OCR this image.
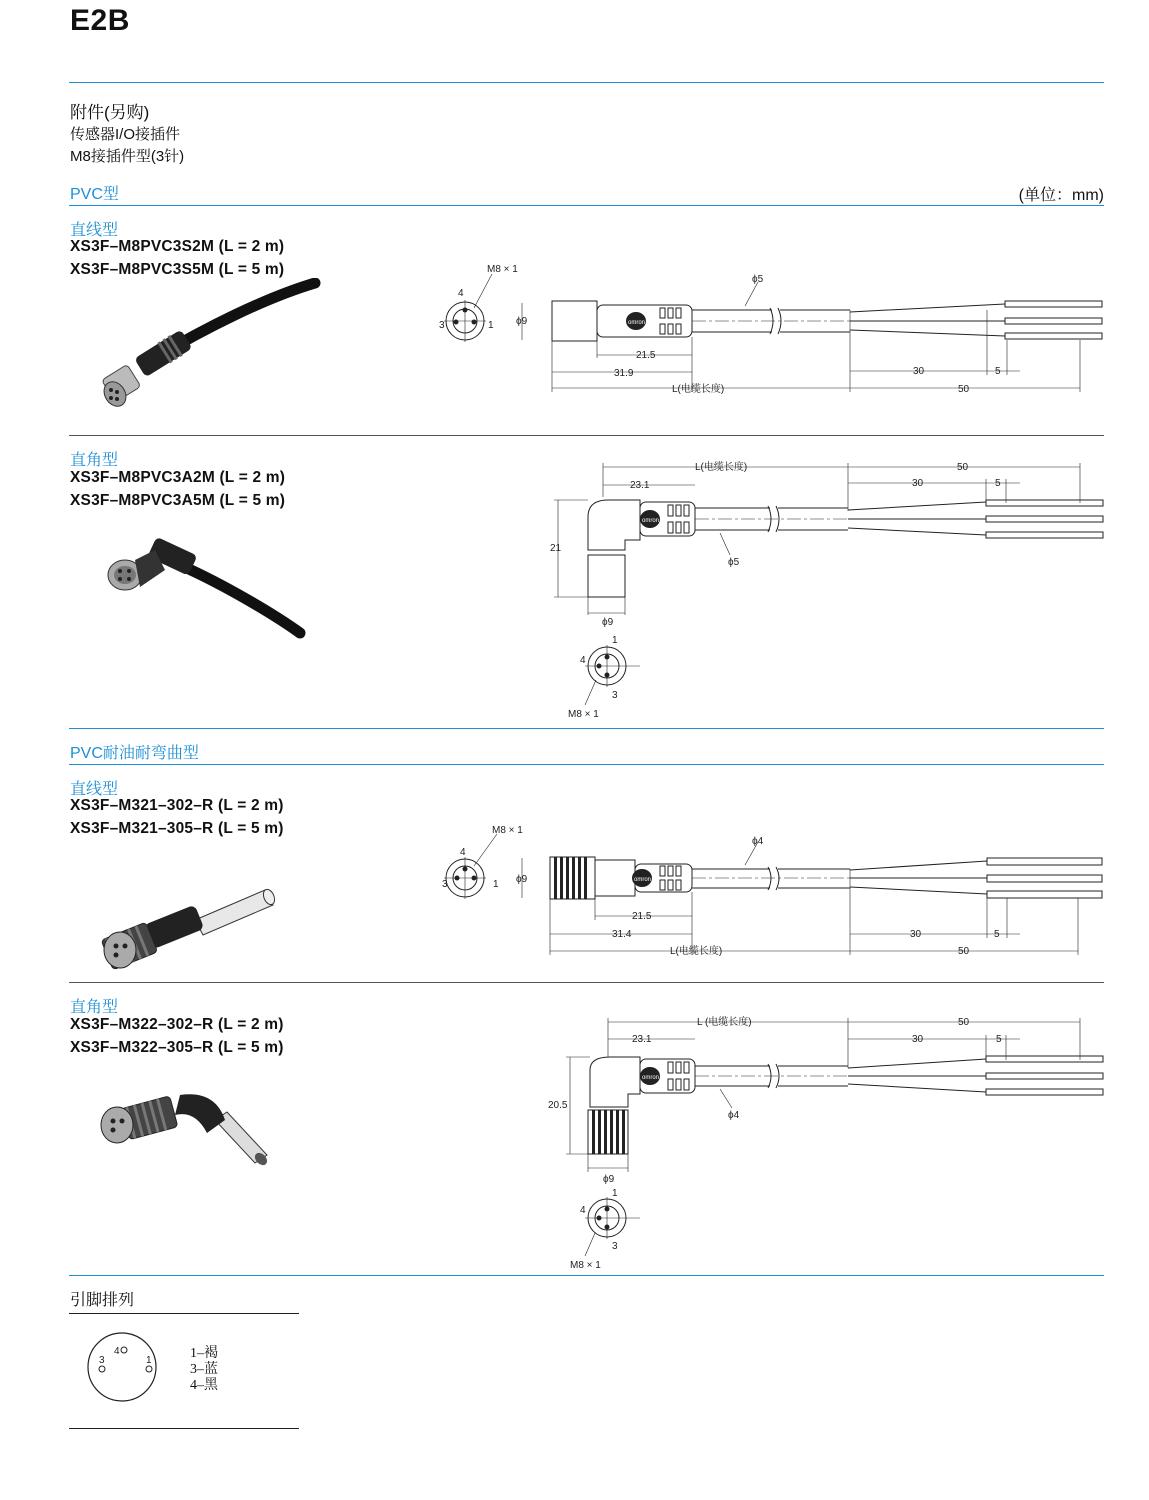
E2B
附件(另购)
传感器I/O接插件
M8接插件型(3针)
PVC型	(单位：mm)
直线型
XS3F–M8PVC3S2M (L = 2 m)
XS3F–M8PVC3S5M (L = 5 m)	M8 × 1
4
3	1 ϕ9	omron
ϕ5
21.5
31.9	30	5
L(电缆长度)	50
直角型
XS3F–M8PVC3A2M (L = 2 m)
XS3F–M8PVC3A5M (L = 5 m)
L(电缆长度)	50
23.1	30	5
omron
ϕ5
21
ϕ9
1
4
3
M8 × 1
PVC耐油耐弯曲型
直线型
XS3F–M321–302–R (L = 2 m)
XS3F–M321–305–R (L = 5 m)	M8 × 1
4
3	1 ϕ9	omron
ϕ4
21.5
31.4	30	5
L(电缆长度)	50
直角型
XS3F–M322–302–R (L = 2 m)
XS3F–M322–305–R (L = 5 m)
L (电缆长度)	50
23.1	30	5
omron
ϕ4
20.5
ϕ9
1
4
3
M8 × 1
引脚排列
4
3	1	1–褐
3–蓝
4–黑
